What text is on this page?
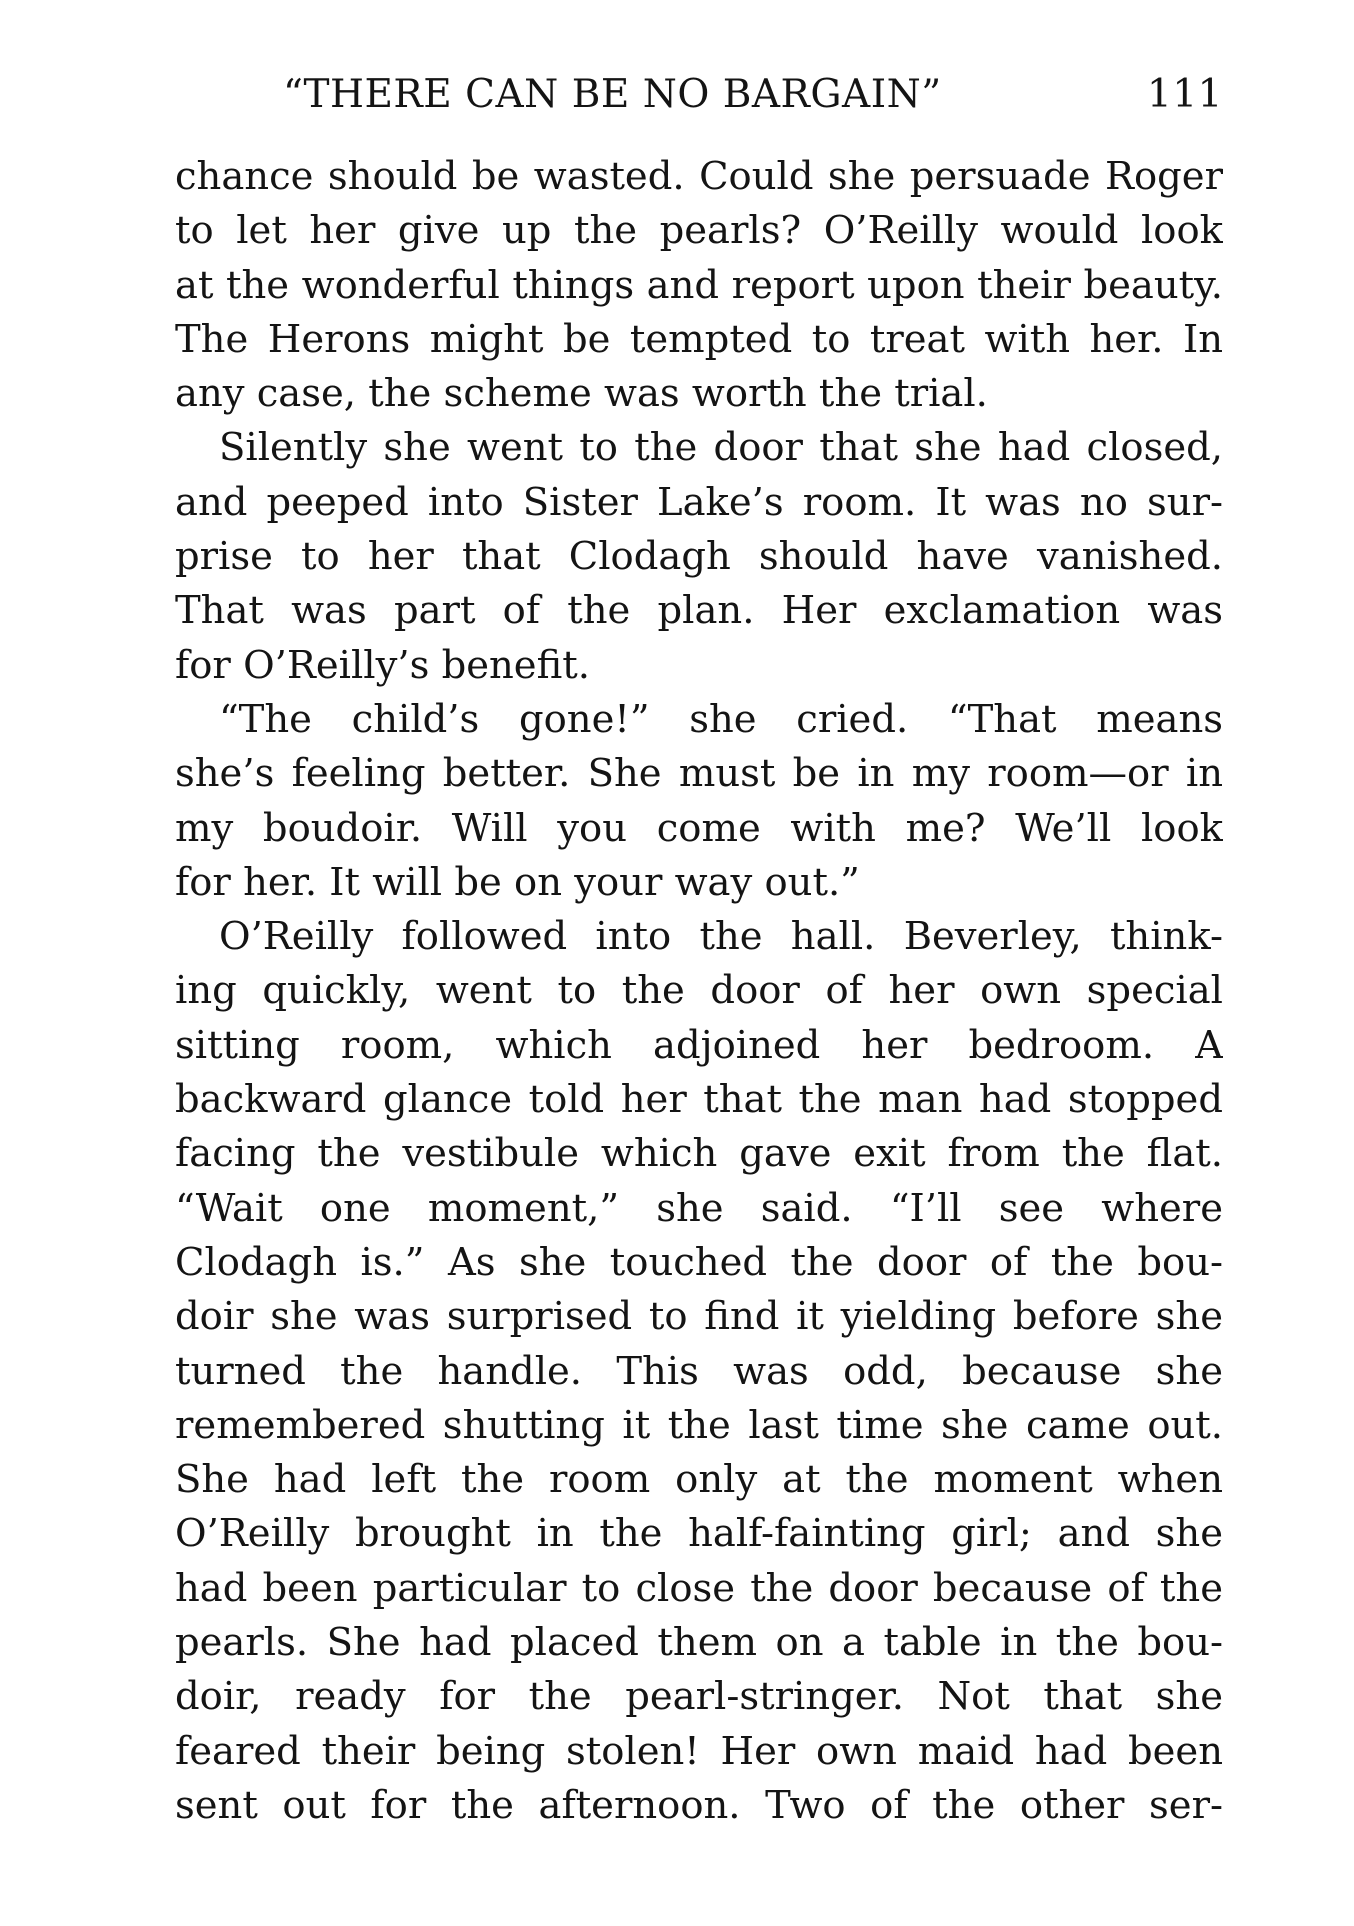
“THERE CAN BE NO BARGAIN”	111
chance should be wasted. Could she persuade Roger
to let her give up the pearls? O’Reilly would look
at the wonderful things and report upon their beauty.
The Herons might be tempted to treat with her. In
any case, the scheme was worth the trial.
Silently she went to the door that she had closed,
and peeped into Sister Lake’s room. It was no sur-
prise to her that Clodagh should have vanished.
That was part of the plan. Her exclamation was
for O’Reilly’s benefit.
“The child’s gone!” she cried. “That means
she’s feeling better. She must be in my room—or in
my boudoir. Will you come with me? We’ll look
for her. It will be on your way out.”
O’Reilly followed into the hall. Beverley, think-
ing quickly, went to the door of her own special
sitting room, which adjoined her bedroom. A
backward glance told her that the man had stopped
facing the vestibule which gave exit from the flat.
“Wait one moment,” she said. “I’ll see where
Clodagh is.” As she touched the door of the bou-
doir she was surprised to find it yielding before she
turned the handle. This was odd, because she
remembered shutting it the last time she came out.
She had left the room only at the moment when
O’Reilly brought in the half-fainting girl; and she
had been particular to close the door because of the
pearls. She had placed them on a table in the bou-
doir, ready for the pearl-stringer. Not that she
feared their being stolen! Her own maid had been
sent out for the afternoon. Two of the other ser-
